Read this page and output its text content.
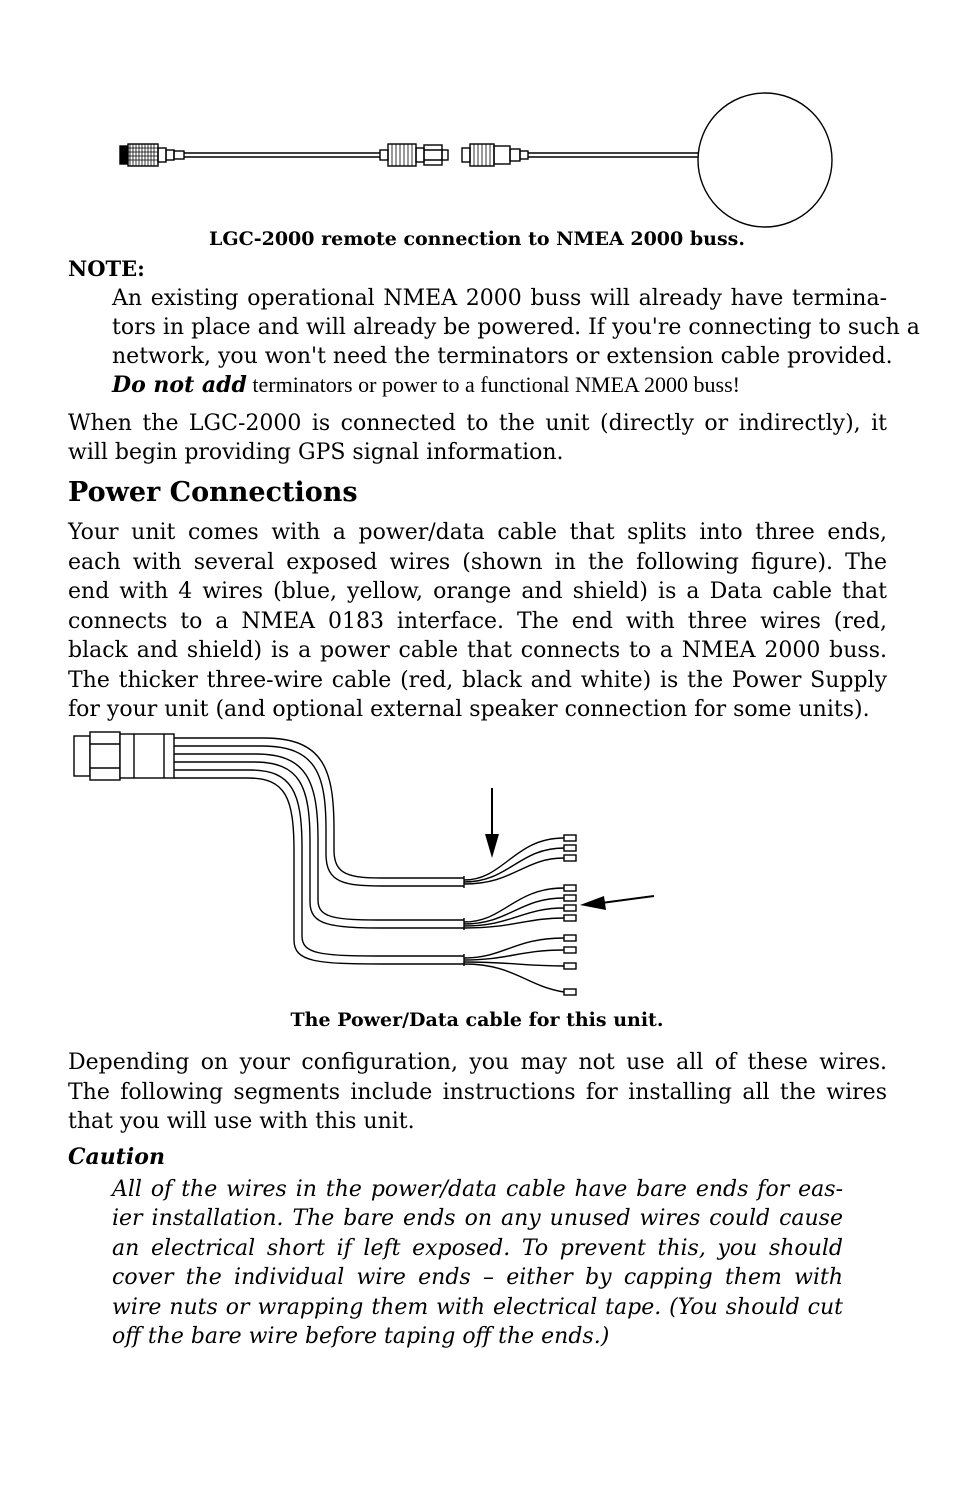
LGC-2000 remote connection to NMEA 2000 buss.
NOTE:
An existing operational NMEA 2000 buss will already have termina-
tors in place and will already be powered. If you're connecting to such a
network, you won't need the terminators or extension cable provided.
Do not add terminators or power to a functional NMEA 2000 buss!
When the LGC-2000 is connected to the unit (directly or indirectly), it
will begin providing GPS signal information.
Power Connections
Your unit comes with a power/data cable that splits into three ends,
each with several exposed wires (shown in the following figure). The
end with 4 wires (blue, yellow, orange and shield) is a Data cable that
connects to a NMEA 0183 interface. The end with three wires (red,
black and shield) is a power cable that connects to a NMEA 2000 buss.
The thicker three-wire cable (red, black and white) is the Power Supply
for your unit (and optional external speaker connection for some units).
The Power/Data cable for this unit.
Depending on your configuration, you may not use all of these wires.
The following segments include instructions for installing all the wires
that you will use with this unit.
Caution
All of the wires in the power/data cable have bare ends for eas-
ier installation. The bare ends on any unused wires could cause
an electrical short if left exposed. To prevent this, you should
cover the individual wire ends – either by capping them with
wire nuts or wrapping them with electrical tape. (You should cut
off the bare wire before taping off the ends.)
